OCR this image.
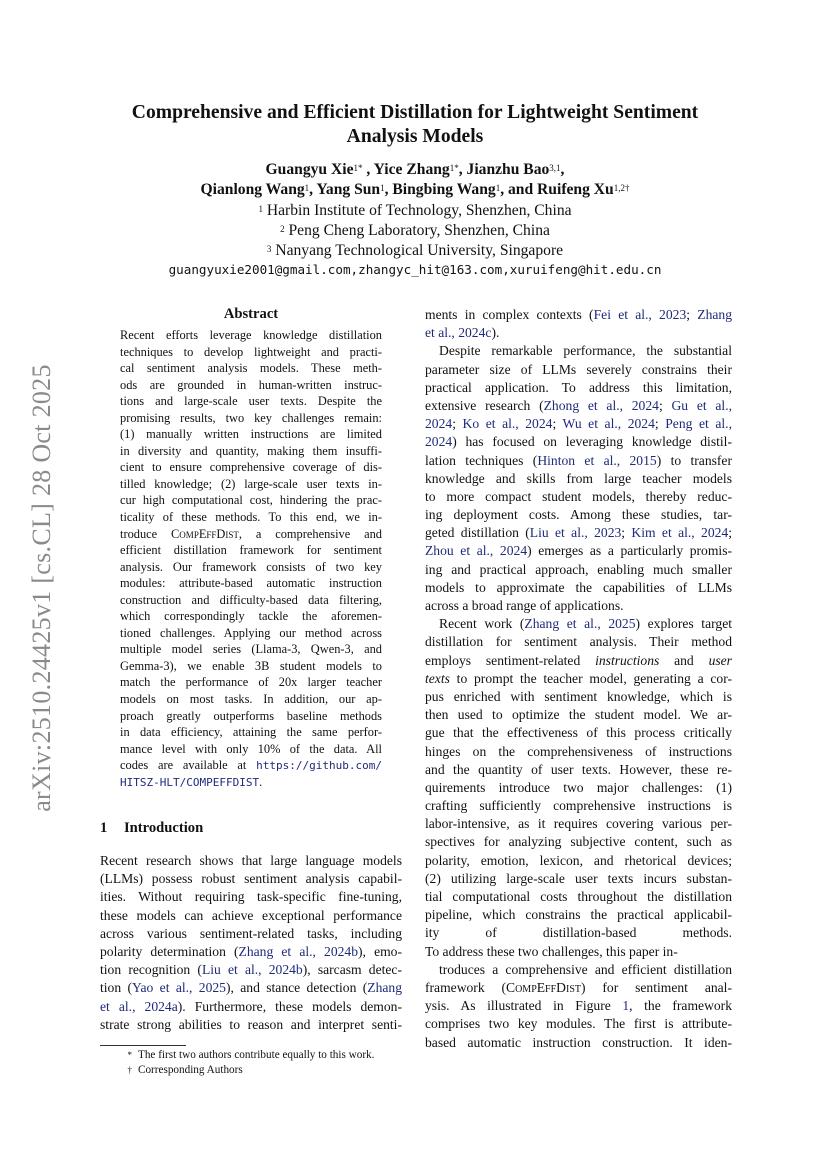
arXiv:2510.24425v1 [cs.CL] 28 Oct 2025
Comprehensive and Efficient Distillation for Lightweight Sentiment
Analysis Models
Guangyu Xie$^{1*}$ , Yice Zhang$^{1*}$, Jianzhu Bao$^{3,1}$,
Qianlong Wang$^1$, Yang Sun$^1$, Bingbing Wang$^1$, and Ruifeng $Xu^{1,2\dagger}$
$^1$ Harbin Institute of Technology, Shenzhen, China
$^2$ Peng Cheng Laboratory, Shenzhen, China
$^3$ Nanyang Technological University, Singapore
guangyuxie2001@gmail.com,zhangyc_hit@163.com,xuruifeng@hit.edu.cn
Abstract
Recent efforts leverage knowledge distillation
techniques to develop lightweight and practi-
cal sentiment analysis models. These meth-
ods are grounded in human-written instruc-
tions and large-scale user texts. Despite the
promising results, two key challenges remain:
(1) manually written instructions are limited
in diversity and quantity, making them insuffi-
cient to ensure comprehensive coverage of dis-
tilled knowledge; (2) large-scale user texts in-
cur high computational cost, hindering the prac-
ticality of these methods. To this end, we in-
troduce CompEffDist, a comprehensive and
efficient distillation framework for sentiment
analysis. Our framework consists of two key
modules: attribute-based automatic instruction
construction and difficulty-based data filtering,
which correspondingly tackle the aforemen-
tioned challenges. Applying our method across
multiple model series (Llama-3, Qwen-3, and
Gemma-3), we enable 3B student models to
match the performance of 20x larger teacher
models on most tasks. In addition, our ap-
proach greatly outperforms baseline methods
in data efficiency, attaining the same perfor-
mance level with only 10% of the data. All
codes are available at https://github.com/
HITSZ-HLT/COMPEFFDIST.
1 Introduction
Recent research shows that large language models
(LLMs) possess robust sentiment analysis capabil-
ities. Without requiring task-specific fine-tuning,
these models can achieve exceptional performance
across various sentiment-related tasks, including
polarity determination (Zhang et al., 2024b), emo-
tion recognition (Liu et al., 2024b), sarcasm detec-
tion (Yao et al., 2025), and stance detection (Zhang
et al., 2024a). Furthermore, these models demon-
strate strong abilities to reason and interpret senti-
ments in complex contexts (Fei et al., 2023; Zhang
et al., 2024c).
Despite remarkable performance, the substantial
parameter size of LLMs severely constrains their
practical application. To address this limitation,
extensive research (Zhong et al., 2024; Gu et al.,
2024; Ko et al., 2024; Wu et al., 2024; Peng et al.,
2024) has focused on leveraging knowledge distil-
lation techniques (Hinton et al., 2015) to transfer
knowledge and skills from large teacher models
to more compact student models, thereby reduc-
ing deployment costs. Among these studies, tar-
geted distillation (Liu et al., 2023; Kim et al., 2024;
Zhou et al., 2024) emerges as a particularly promis-
ing and practical approach, enabling much smaller
models to approximate the capabilities of LLMs
across a broad range of applications.
Recent work (Zhang et al., 2025) explores target
distillation for sentiment analysis. Their method
employs sentiment-related instructions and user
texts to prompt the teacher model, generating a cor-
pus enriched with sentiment knowledge, which is
then used to optimize the student model. We ar-
gue that the effectiveness of this process critically
hinges on the comprehensiveness of instructions
and the quantity of user texts. However, these re-
quirements introduce two major challenges: (1)
crafting sufficiently comprehensive instructions is
labor-intensive, as it requires covering various per-
spectives for analyzing subjective content, such as
polarity, emotion, lexicon, and rhetorical devices;
(2) utilizing large-scale user texts incurs substan-
tial computational costs throughout the distillation
pipeline, which constrains the practical applicabil-
ity of distillation-based methods.
To address these two challenges, this paper in-
troduces a comprehensive and efficient distillation
framework (CompEffDist) for sentiment anal-
ysis. As illustrated in Figure 1, the framework
comprises two key modules. The first is attribute-
based automatic instruction construction. It iden-
* The first two authors contribute equally to this work.
† Corresponding Authors
